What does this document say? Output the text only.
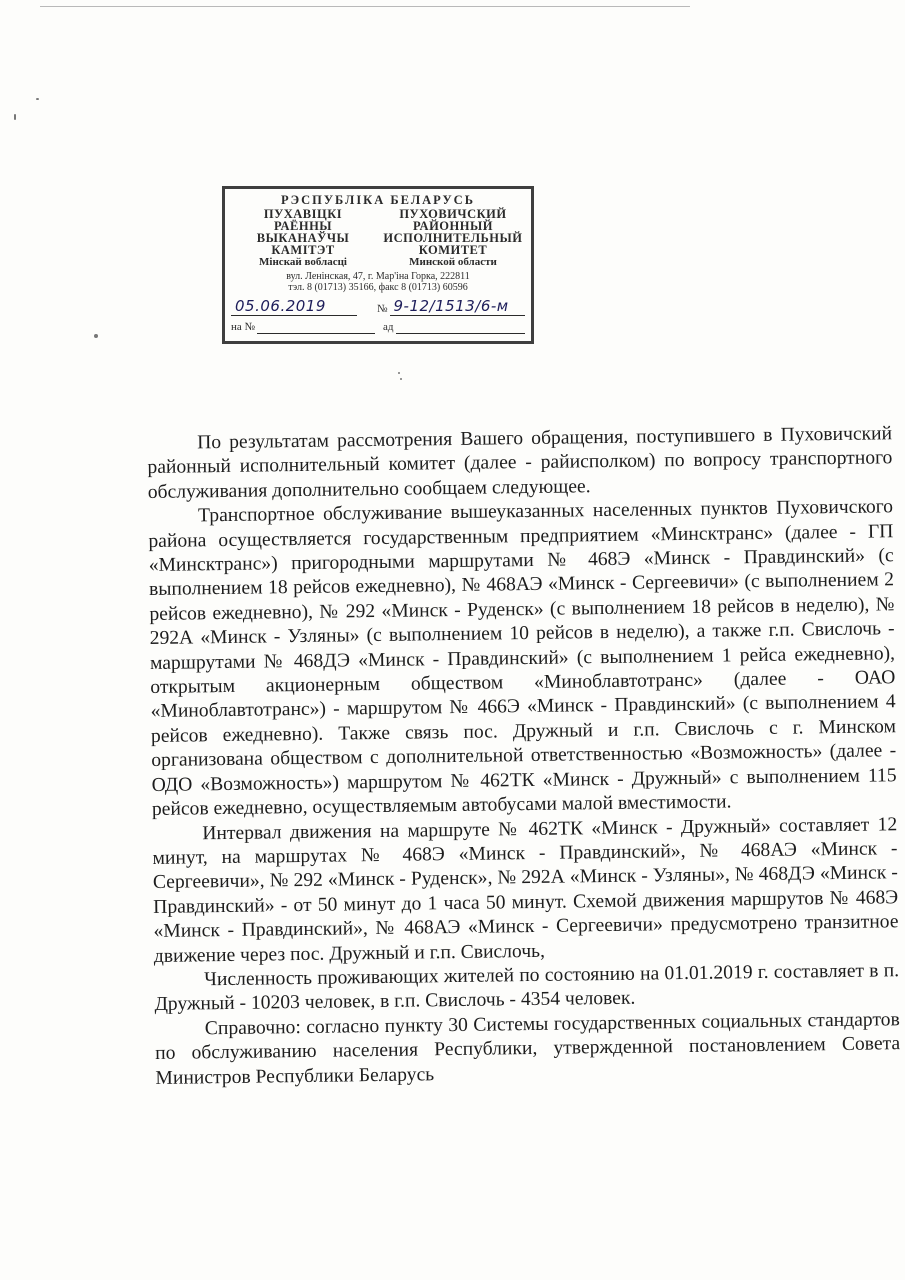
РЭСПУБЛІКА БЕЛАРУСЬ
ПУХАВІЦКІ
РАЁННЫ
ВЫКАНАЎЧЫ
КАМІТЭТ
Мінскай вобласці
ПУХОВИЧСКИЙ
РАЙОННЫЙ
ИСПОЛНИТЕЛЬНЫЙ
КОМИТЕТ
Минской области
вул. Ленінская, 47, г. Мар'іна Горка, 222811
тэл. 8 (01713) 35166, факс 8 (01713) 60596
05.06.2019	№ 9-12/1513/6-м
на №	ад

По результатам рассмотрения Вашего обращения, поступившего в Пуховичский районный исполнительный комитет (далее - райисполком) по вопросу транспортного обслуживания дополнительно сообщаем следующее.

Транспортное обслуживание вышеуказанных населенных пунктов Пуховичского района осуществляется государственным предприятием «Минсктранс» (далее - ГП «Минсктранс») пригородными маршрутами № 468Э «Минск - Правдинский» (с выполнением 18 рейсов ежедневно), № 468АЭ «Минск - Сергеевичи» (с выполнением 2 рейсов ежедневно), № 292 «Минск - Руденск» (с выполнением 18 рейсов в неделю), № 292А «Минск - Узляны» (с выполнением 10 рейсов в неделю), а также г.п. Свислочь - маршрутами № 468ДЭ «Минск - Правдинский» (с выполнением 1 рейса ежедневно), открытым акционерным обществом «Миноблавтотранс» (далее - ОАО «Миноблавтотранс») - маршрутом № 466Э «Минск - Правдинский» (с выполнением 4 рейсов ежедневно). Также связь пос. Дружный и г.п. Свислочь с г. Минском организована обществом с дополнительной ответственностью «Возможность» (далее - ОДО «Возможность») маршрутом № 462ТК «Минск - Дружный» с выполнением 115 рейсов ежедневно, осуществляемым автобусами малой вместимости.

Интервал движения на маршруте № 462ТК «Минск - Дружный» составляет 12 минут, на маршрутах № 468Э «Минск - Правдинский», № 468АЭ «Минск - Сергеевичи», № 292 «Минск - Руденск», № 292А «Минск - Узляны», № 468ДЭ «Минск - Правдинский» - от 50 минут до 1 часа 50 минут. Схемой движения маршрутов № 468Э «Минск - Правдинский», № 468АЭ «Минск - Сергеевичи» предусмотрено транзитное движение через пос. Дружный и г.п. Свислочь,

Численность проживающих жителей по состоянию на 01.01.2019 г. составляет в п. Дружный - 10203 человек, в г.п. Свислочь - 4354 человек.

Справочно: согласно пункту 30 Системы государственных социальных стандартов по обслуживанию населения Республики, утвержденной постановлением Совета Министров Республики Беларусь
